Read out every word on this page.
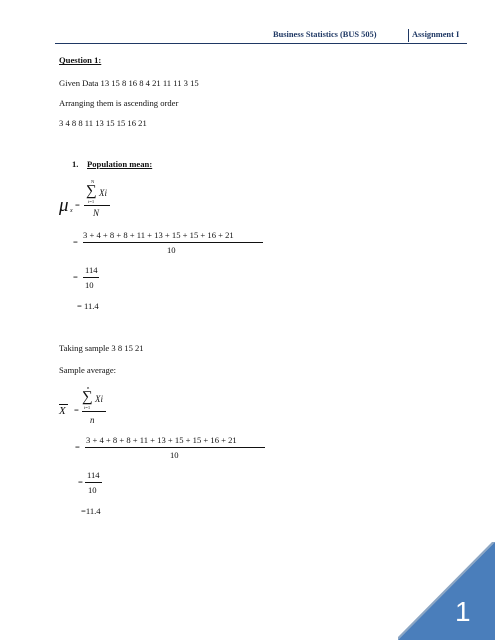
Business Statistics (BUS 505)	Assignment I
Question 1:
Given Data 13 15 8 16 8 4 21 11 11 3 15
Arranging them is ascending order
3 4 8 8 11 13 15 15 16 21
1. Population mean:
N
∑ Xi
i=1
μ x
=
N
3 + 4 + 8 + 8 + 11 + 13 + 15 + 15 + 16 + 21
=
10
114
=
10
= 11.4
Taking sample 3 8 15 21
Sample average:
n
∑ Xi
i=1
X =
n
3 + 4 + 8 + 8 + 11 + 13 + 15 + 15 + 16 + 21
=
10
114
=
10
=11.4
1
